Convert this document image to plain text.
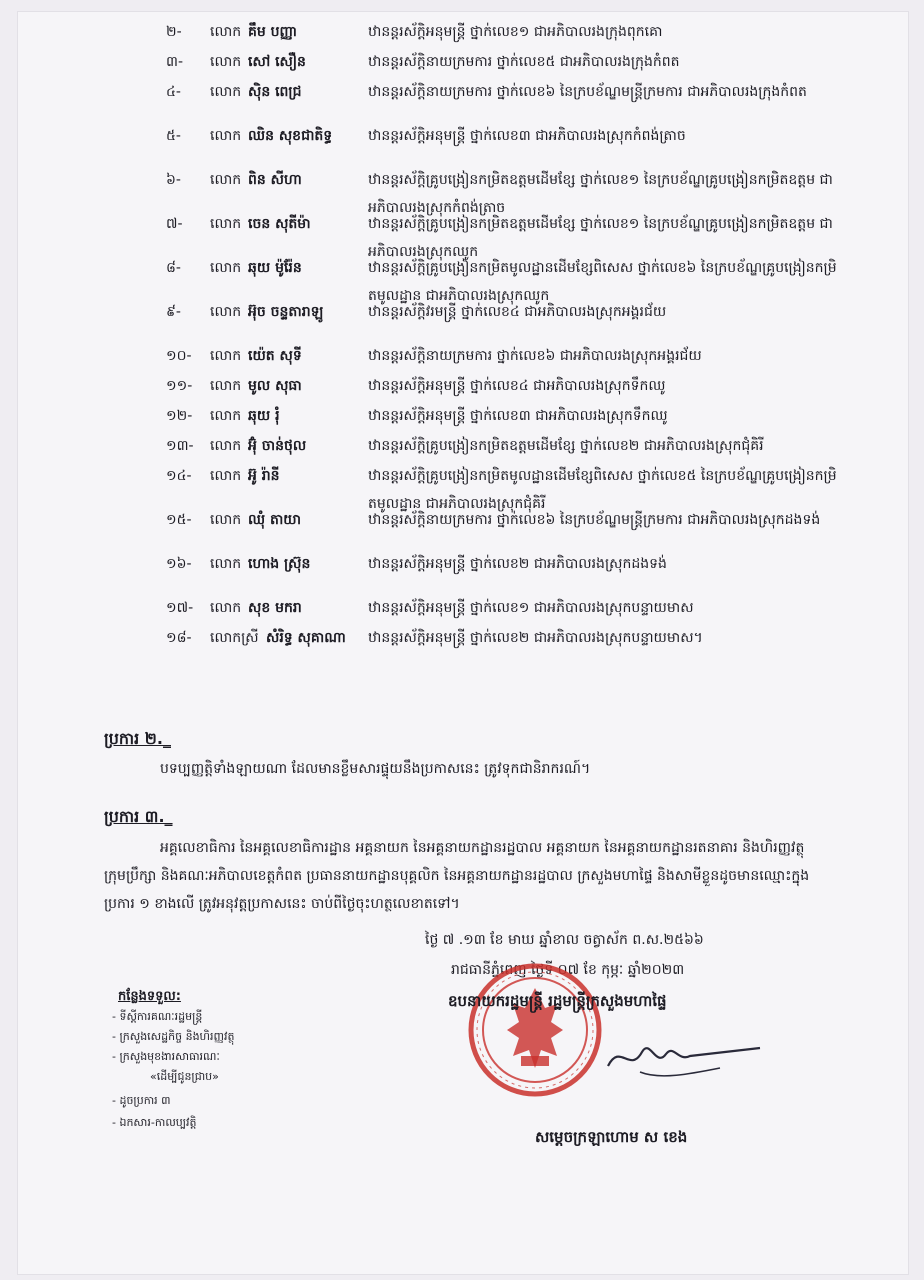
២-	លោក គឹម បញ្ញា	ឋានន្តរស័ក្តិអនុមន្ត្រី ថ្នាក់លេខ១ ជាអភិបាលរងក្រុងពុកគោ
៣-	លោក សៅ សឿន	ឋានន្តរស័ក្តិនាយក្រមការ ថ្នាក់លេខ៥ ជាអភិបាលរងក្រុងកំពត
៤-	លោក ស៊ិន ពេជ្រ	ឋានន្តរស័ក្តិនាយក្រមការ ថ្នាក់លេខ៦ នៃក្របខ័ណ្ឌមន្ត្រីក្រមការ ជាអភិបាលរងក្រុងកំពត
៥-	លោក ឈិន សុខជាតិទ្ធ	ឋានន្តរស័ក្តិអនុមន្ត្រី ថ្នាក់លេខ៣ ជាអភិបាលរងស្រុកកំពង់ត្រាច
៦-	លោក ពិន សីហា	ឋានន្តរស័ក្តិគ្រូបង្រៀនកម្រិតឧត្តមដើមខ្សែ ថ្នាក់លេខ១ នៃក្របខ័ណ្ឌគ្រូបង្រៀនកម្រិតឧត្តម ជាអភិបាលរងស្រុកកំពង់ត្រាច
៧-	លោក ចេន សុតីម៉ា	ឋានន្តរស័ក្តិគ្រូបង្រៀនកម្រិតឧត្តមដើមខ្សែ ថ្នាក់លេខ១ នៃក្របខ័ណ្ឌគ្រូបង្រៀនកម្រិតឧត្តម ជាអភិបាលរងស្រុកឈូក
៨-	លោក ឆុយ ម៉ូរ៉ែន	ឋានន្តរស័ក្តិគ្រូបង្រៀនកម្រិតមូលដ្ឋានដើមខ្សែពិសេស ថ្នាក់លេខ៦ នៃក្របខ័ណ្ឌគ្រូបង្រៀនកម្រិតមូលដ្ឋាន ជាអភិបាលរងស្រុកឈូក
៩-	លោក អ៊ុច ចន្ទតារាឡូ	ឋានន្តរស័ក្តិវរមន្ត្រី ថ្នាក់លេខ៤ ជាអភិបាលរងស្រុកអង្គរជ័យ
១០-	លោក យ៉េត សុទី	ឋានន្តរស័ក្តិនាយក្រមការ ថ្នាក់លេខ៦ ជាអភិបាលរងស្រុកអង្គរជ័យ
១១-	លោក មូល សុធា	ឋានន្តរស័ក្តិអនុមន្ត្រី ថ្នាក់លេខ៤ ជាអភិបាលរងស្រុកទឹកឈូ
១២-	លោក ឆុយ រុំ	ឋានន្តរស័ក្តិអនុមន្ត្រី ថ្នាក់លេខ៣ ជាអភិបាលរងស្រុកទឹកឈូ
១៣-	លោក អ៊ុំ ចាន់ថុល	ឋានន្តរស័ក្តិគ្រូបង្រៀនកម្រិតឧត្តមដើមខ្សែ ថ្នាក់លេខ២ ជាអភិបាលរងស្រុកជុំគិរី
១៤-	លោក អ៊ូ រ៉ានី	ឋានន្តរស័ក្តិគ្រូបង្រៀនកម្រិតមូលដ្ឋានដើមខ្សែពិសេស ថ្នាក់លេខ៥ នៃក្របខ័ណ្ឌគ្រូបង្រៀនកម្រិតមូលដ្ឋាន ជាអភិបាលរងស្រុកជុំគិរី
១៥-	លោក ឈុំ តាយា	ឋានន្តរស័ក្តិនាយក្រមការ ថ្នាក់លេខ៦ នៃក្របខ័ណ្ឌមន្ត្រីក្រមការ ជាអភិបាលរងស្រុកដងទង់
១៦-	លោក ហោង ស្រ៊ុន	ឋានន្តរស័ក្តិអនុមន្ត្រី ថ្នាក់លេខ២ ជាអភិបាលរងស្រុកដងទង់
១៧-	លោក សុខ មករា	ឋានន្តរស័ក្តិអនុមន្ត្រី ថ្នាក់លេខ១ ជាអភិបាលរងស្រុកបន្ទាយមាស
១៨-	លោកស្រី សំរិទ្ធ សុគាណា	ឋានន្តរស័ក្តិអនុមន្ត្រី ថ្នាក់លេខ២ ជាអភិបាលរងស្រុកបន្ទាយមាស។
ប្រការ ២._
បទប្បញ្ញត្តិទាំងឡាយណា ដែលមានខ្លឹមសារផ្ទុយនឹងប្រកាសនេះ ត្រូវទុកជានិរាករណ៍។
ប្រការ ៣._
អគ្គលេខាធិការ នៃអគ្គលេខាធិការដ្ឋាន អគ្គនាយក នៃអគ្គនាយកដ្ឋានរដ្ឋបាល អគ្គនាយក នៃអគ្គនាយកដ្ឋានរតនាគារ និងហិរញ្ញវត្ថុ ក្រុមប្រឹក្សា និងគណៈអភិបាលខេត្តកំពត ប្រធាននាយកដ្ឋានបុគ្គលិក នៃអគ្គនាយកដ្ឋានរដ្ឋបាល ក្រសួងមហាផ្ទៃ និងសាមីខ្លួនដូចមានឈ្មោះក្នុងប្រការ ១ ខាងលើ ត្រូវអនុវត្តប្រកាសនេះ ចាប់ពីថ្ងៃចុះហត្ថលេខាតទៅ។
ថ្ងៃ ៧ .១៣ ខែ មាឃ ឆ្នាំខាល ចត្វាស័ក ព.ស.២៥៦៦
រាជធានីភ្នំពេញ ថ្ងៃទី ០៧ ខែ កុម្ភៈ ឆ្នាំ២០២៣
កន្លែងទទួល:
- ទីស្តីការគណៈរដ្ឋមន្ត្រី
- ក្រសួងសេដ្ឋកិច្ច និងហិរញ្ញវត្ថុ
- ក្រសួងមុខងារសាធារណៈ
«ដើម្បីជូនជ្រាប»
- ដូចប្រការ ៣
- ឯកសារ-កាលប្បវត្តិ
ឧបនាយករដ្ឋមន្ត្រី រដ្ឋមន្ត្រីក្រសួងមហាផ្ទៃ
សម្តេចក្រឡាហោម ស ខេង
